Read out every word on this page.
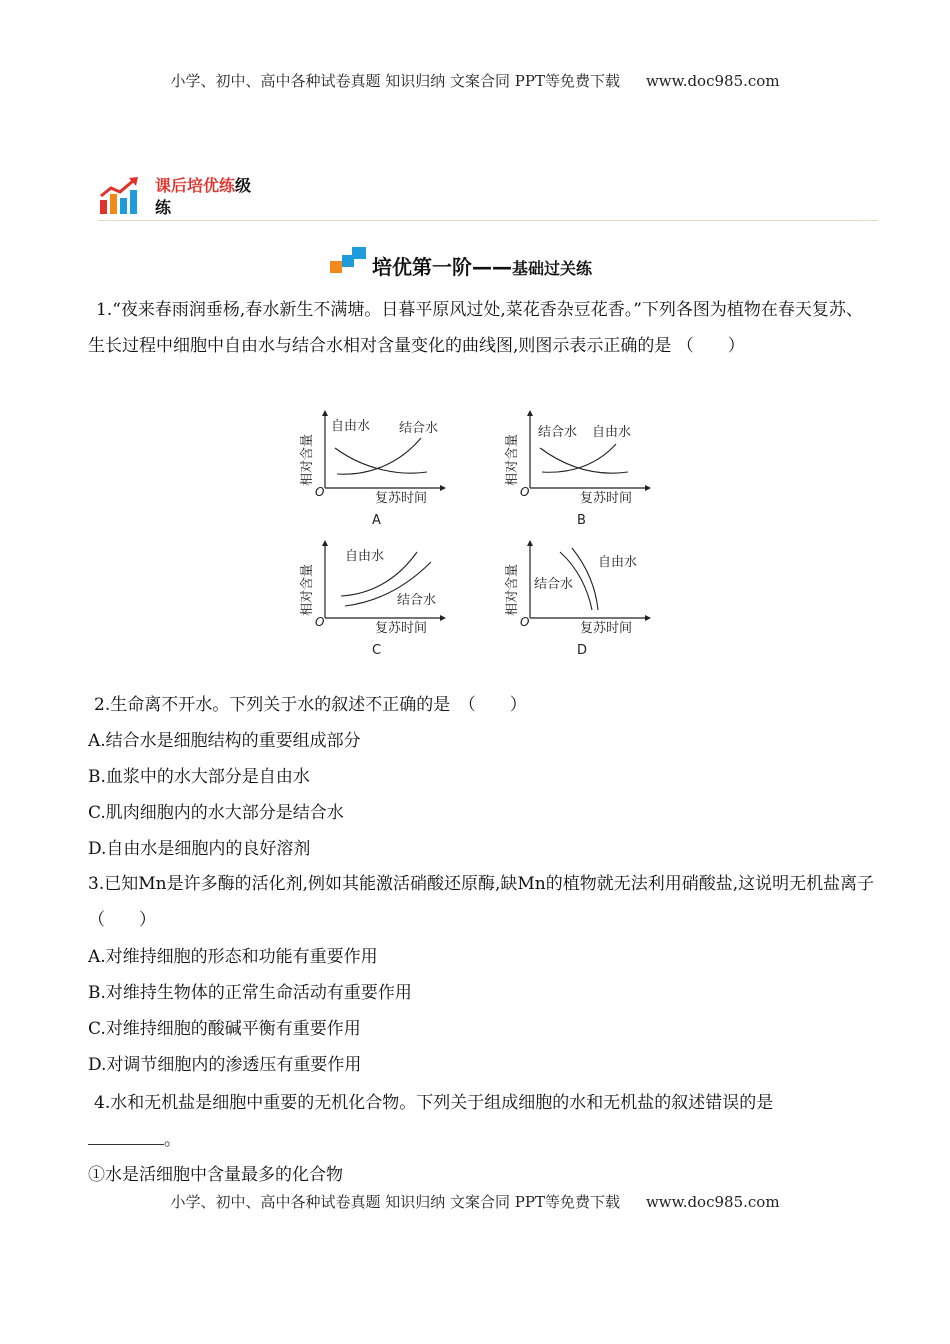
小学、初中、高中各种试卷真题 知识归纳 文案合同 PPT等免费下载 www.doc985.com
课后培优练级
练
培优第一阶——基础过关练

1.“夜来春雨润垂杨,春水新生不满塘。日暮平原风过处,菜花香杂豆花香。”下列各图为植物在春天复苏、生长过程中细胞中自由水与结合水相对含量变化的曲线图,则图示表示正确的是 （　　）

O
相对含量
复苏时间
自由水 结合水
A
O
相对含量
复苏时间
结合水 自由水
B
O
相对含量
复苏时间
自由水
结合水
C
O
相对含量
复苏时间
结合水
自由水
D
2.生命离不开水。下列关于水的叙述不正确的是　（　　）
A.结合水是细胞结构的重要组成部分
B.血浆中的水大部分是自由水
C.肌肉细胞内的水大部分是结合水
D.自由水是细胞内的良好溶剂

3.已知Mn是许多酶的活化剂,例如其能激活硝酸还原酶,缺Mn的植物就无法利用硝酸盐,这说明无机盐离子　（　　）

A.对维持细胞的形态和功能有重要作用
B.对维持生物体的正常生命活动有重要作用
C.对维持细胞的酸碱平衡有重要作用
D.对调节细胞内的渗透压有重要作用
4.水和无机盐是细胞中重要的无机化合物。下列关于组成细胞的水和无机盐的叙述错误的是
。
①水是活细胞中含量最多的化合物
小学、初中、高中各种试卷真题 知识归纳 文案合同 PPT等免费下载 www.doc985.com
